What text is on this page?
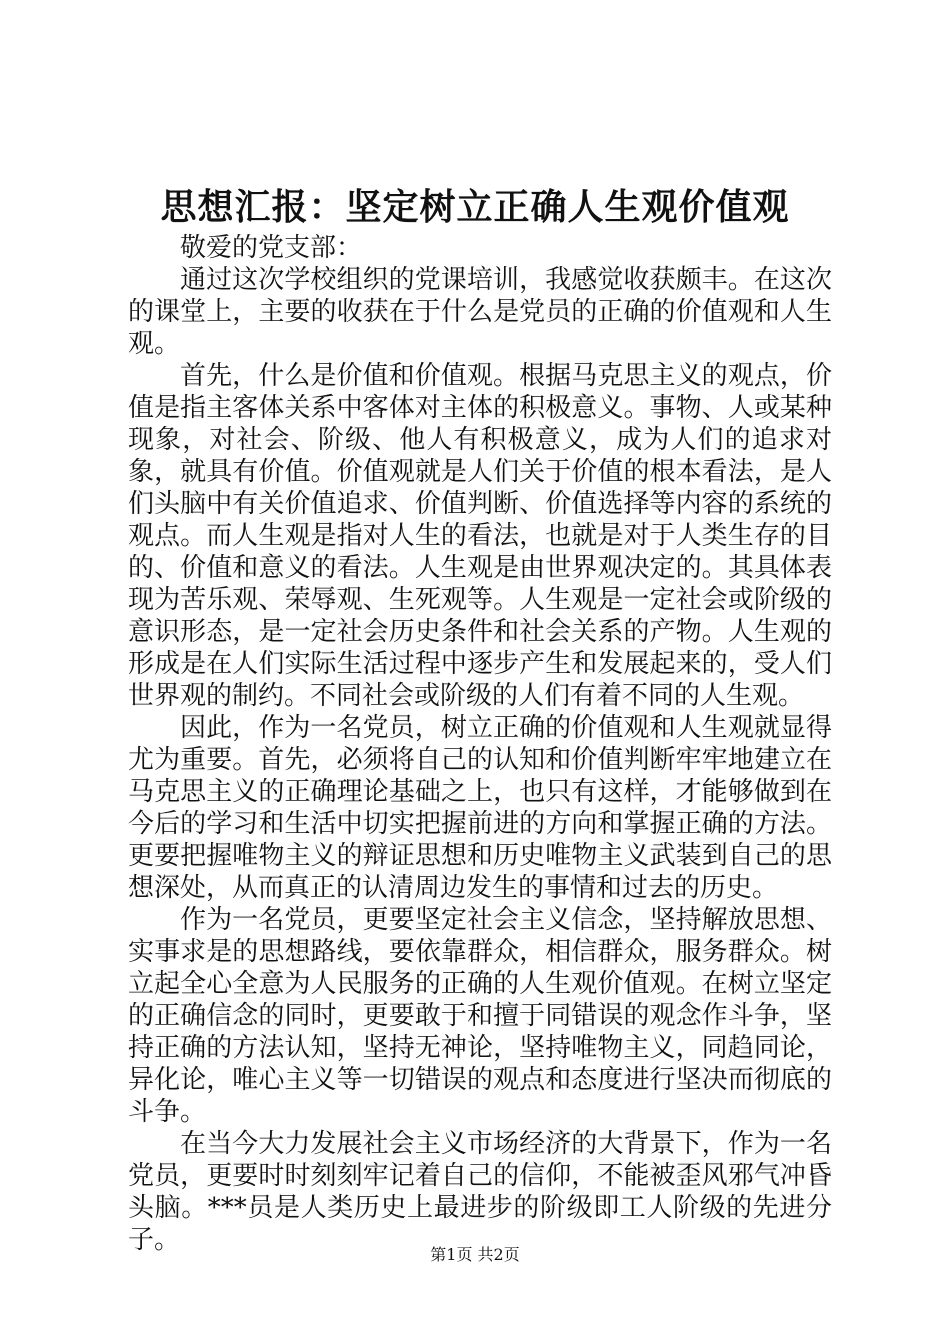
思想汇报：坚定树立正确人生观价值观

敬爱的党支部：

通过这次学校组织的党课培训，我感觉收获颇丰。在这次的课堂上，主要的收获在于什么是党员的正确的价值观和人生观。

首先，什么是价值和价值观。根据马克思主义的观点，价值是指主客体关系中客体对主体的积极意义。事物、人或某种现象，对社会、阶级、他人有积极意义，成为人们的追求对象，就具有价值。价值观就是人们关于价值的根本看法，是人们头脑中有关价值追求、价值判断、价值选择等内容的系统的观点。而人生观是指对人生的看法，也就是对于人类生存的目的、价值和意义的看法。人生观是由世界观决定的。其具体表现为苦乐观、荣辱观、生死观等。人生观是一定社会或阶级的意识形态，是一定社会历史条件和社会关系的产物。人生观的形成是在人们实际生活过程中逐步产生和发展起来的，受人们世界观的制约。不同社会或阶级的人们有着不同的人生观。

因此，作为一名党员，树立正确的价值观和人生观就显得尤为重要。首先，必须将自己的认知和价值判断牢牢地建立在马克思主义的正确理论基础之上，也只有这样，才能够做到在今后的学习和生活中切实把握前进的方向和掌握正确的方法。更要把握唯物主义的辩证思想和历史唯物主义武装到自己的思想深处，从而真正的认清周边发生的事情和过去的历史。

作为一名党员，更要坚定社会主义信念，坚持解放思想、实事求是的思想路线，要依靠群众，相信群众，服务群众。树立起全心全意为人民服务的正确的人生观价值观。在树立坚定的正确信念的同时，更要敢于和擅于同错误的观念作斗争，坚持正确的方法认知，坚持无神论，坚持唯物主义，同趋同论，异化论，唯心主义等一切错误的观点和态度进行坚决而彻底的斗争。

在当今大力发展社会主义市场经济的大背景下，作为一名党员，更要时时刻刻牢记着自己的信仰，不能被歪风邪气冲昏头脑。***员是人类历史上最进步的阶级即工人阶级的先进分子。	第1页 共2页
